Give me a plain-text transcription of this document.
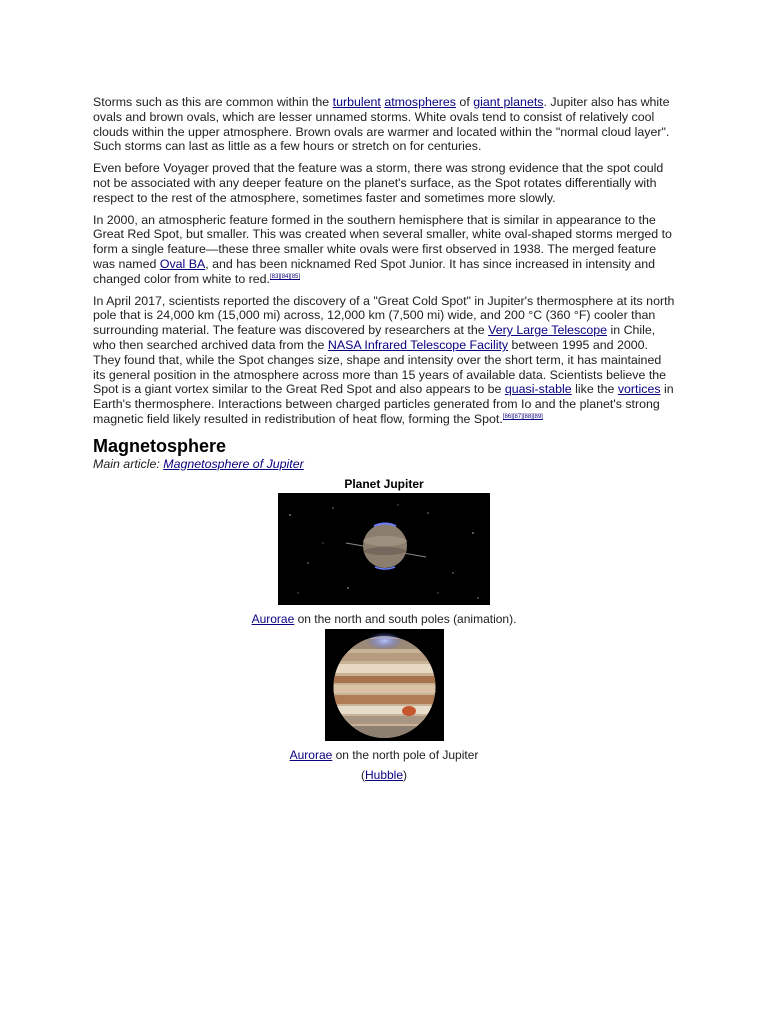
Storms such as this are common within the turbulent atmospheres of giant planets. Jupiter also has white ovals and brown ovals, which are lesser unnamed storms. White ovals tend to consist of relatively cool clouds within the upper atmosphere. Brown ovals are warmer and located within the "normal cloud layer". Such storms can last as little as a few hours or stretch on for centuries.

Even before Voyager proved that the feature was a storm, there was strong evidence that the spot could not be associated with any deeper feature on the planet's surface, as the Spot rotates differentially with respect to the rest of the atmosphere, sometimes faster and sometimes more slowly.

In 2000, an atmospheric feature formed in the southern hemisphere that is similar in appearance to the Great Red Spot, but smaller. This was created when several smaller, white oval-shaped storms merged to form a single feature—these three smaller white ovals were first observed in 1938. The merged feature was named Oval BA, and has been nicknamed Red Spot Junior. It has since increased in intensity and changed color from white to red.[83][84][85]

In April 2017, scientists reported the discovery of a "Great Cold Spot" in Jupiter's thermosphere at its north pole that is 24,000 km (15,000 mi) across, 12,000 km (7,500 mi) wide, and 200 °C (360 °F) cooler than surrounding material. The feature was discovered by researchers at the Very Large Telescope in Chile, who then searched archived data from the NASA Infrared Telescope Facility between 1995 and 2000. They found that, while the Spot changes size, shape and intensity over the short term, it has maintained its general position in the atmosphere across more than 15 years of available data. Scientists believe the Spot is a giant vortex similar to the Great Red Spot and also appears to be quasi-stable like the vortices in Earth's thermosphere. Interactions between charged particles generated from Io and the planet's strong magnetic field likely resulted in redistribution of heat flow, forming the Spot.[86][87][88][89]

Magnetosphere
Main article: Magnetosphere of Jupiter
Planet Jupiter
Aurorae on the north and south poles (animation).
Aurorae on the north pole of Jupiter
(Hubble)
